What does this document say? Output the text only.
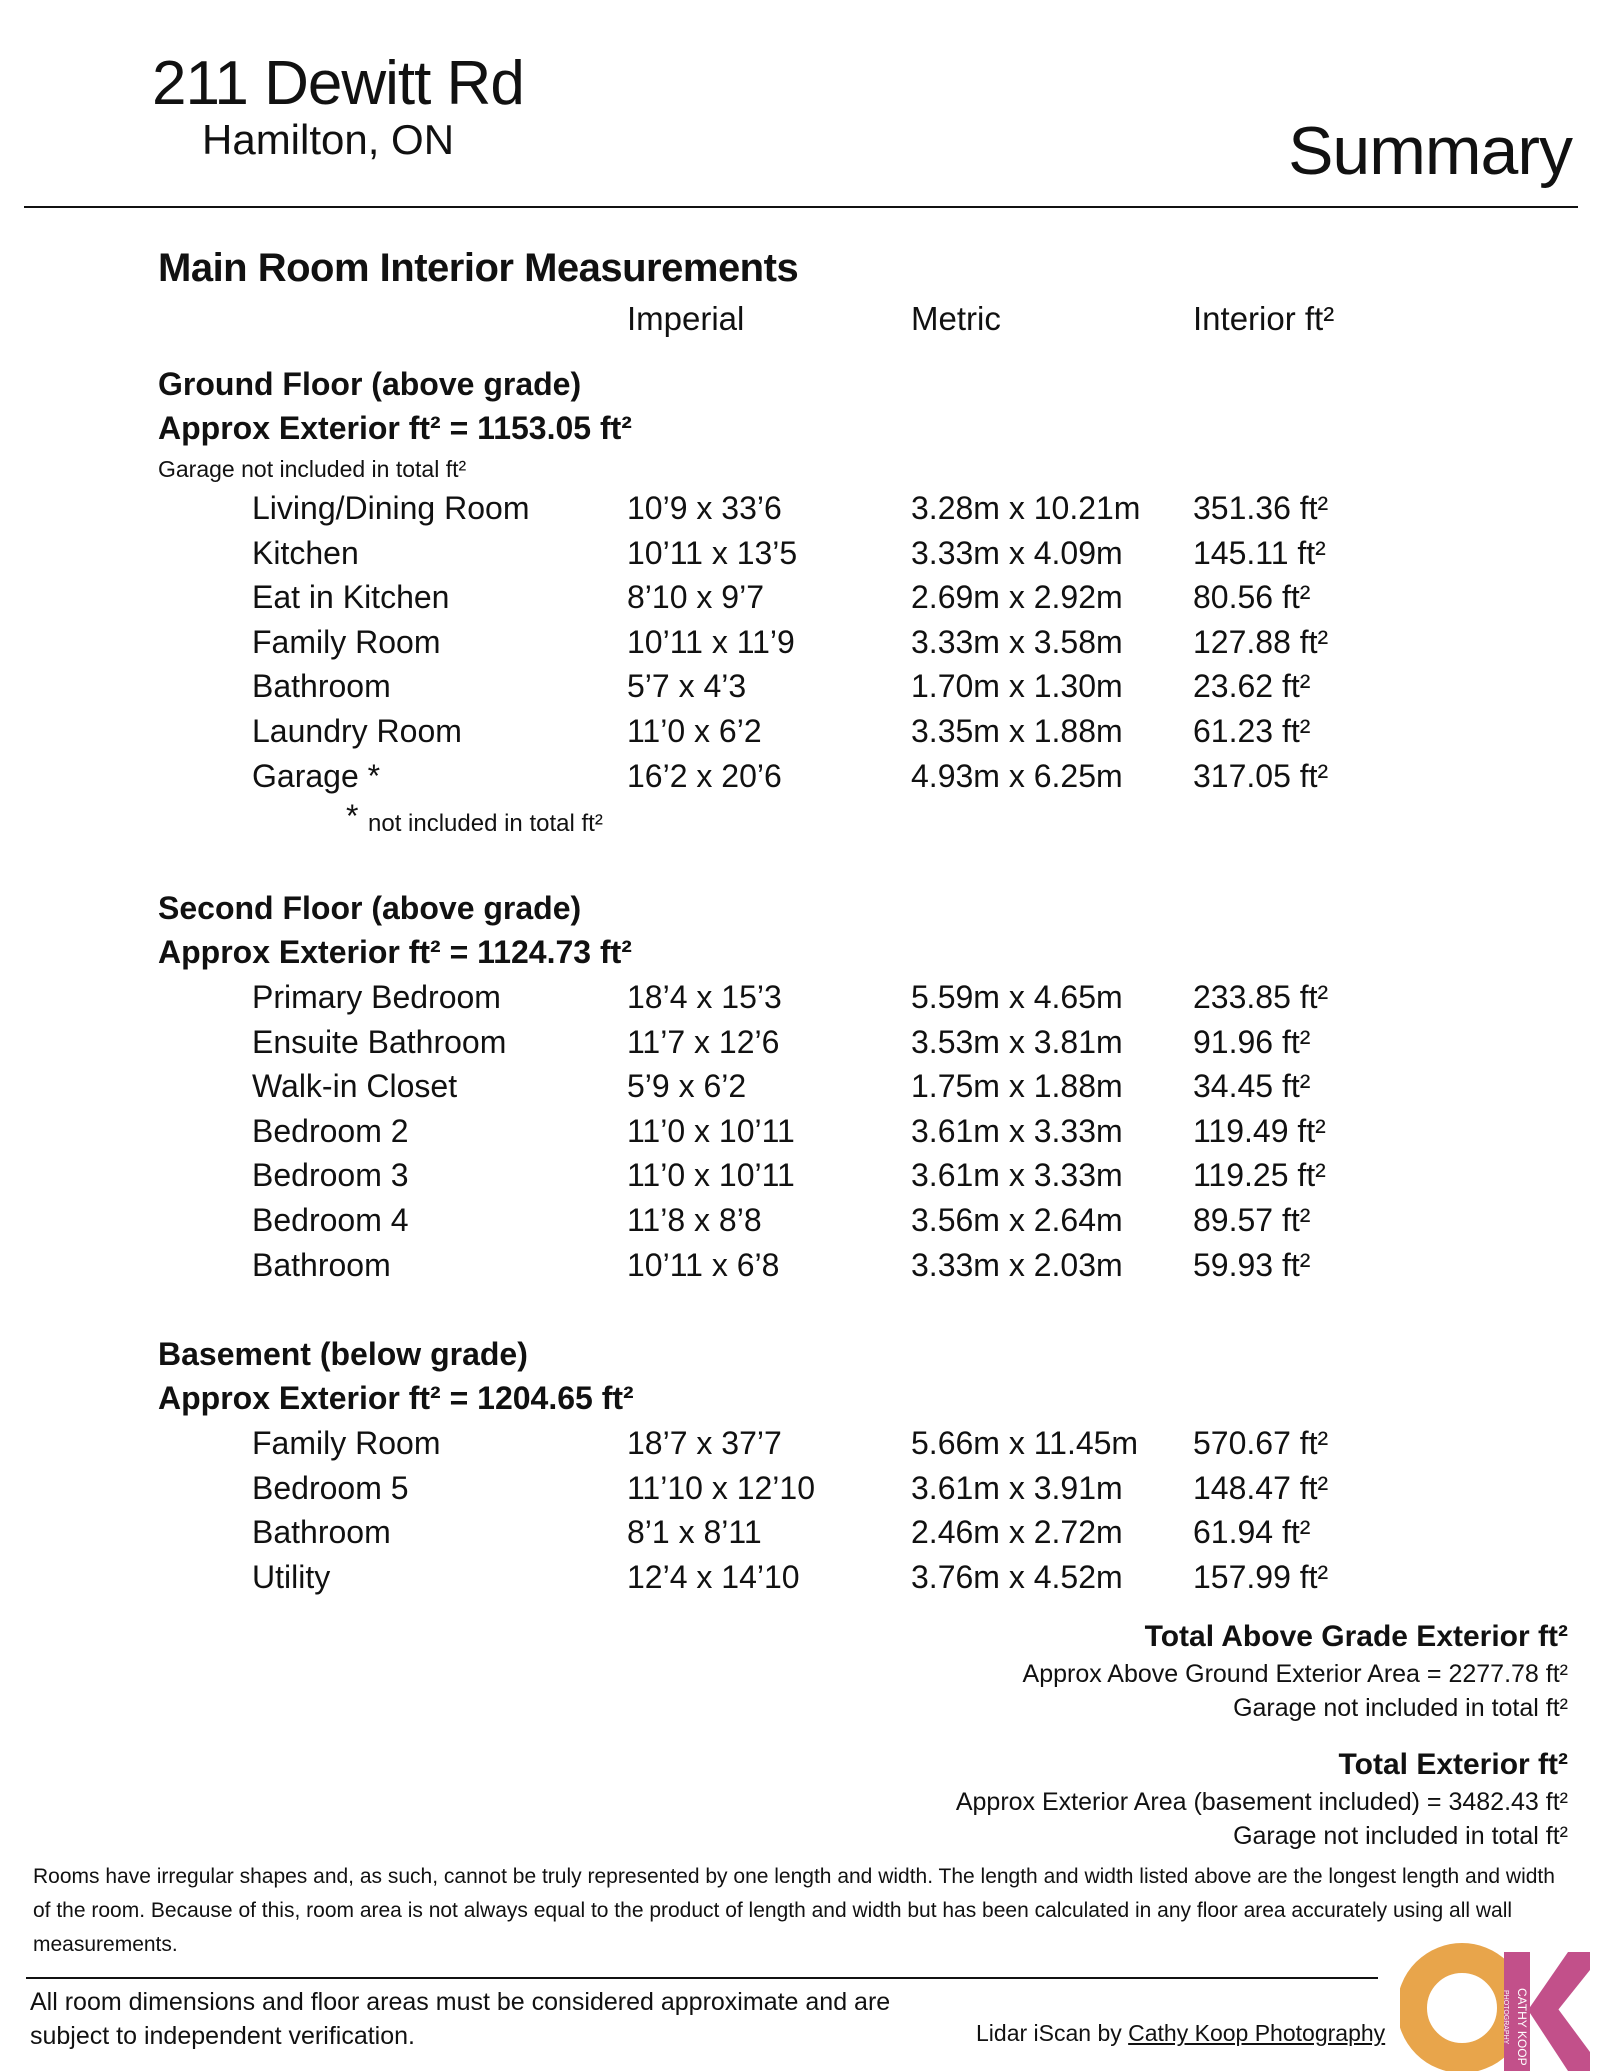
211 Dewitt Rd
Hamilton, ON	Summary
Main Room Interior Measurements
Imperial	Metric	Interior ft²
Ground Floor (above grade)
Approx Exterior ft² = 1153.05 ft²
Garage not included in total ft²
Living/Dining Room	10’9 x 33’6	3.28m x 10.21m 351.36 ft²
Kitchen	10’11 x 13’5	3.33m x 4.09m 145.11 ft²
Eat in Kitchen	8’10 x 9’7	2.69m x 2.92m 80.56 ft²
Family Room	10’11 x 11’9	3.33m x 3.58m 127.88 ft²
Bathroom	5’7 x 4’3	1.70m x 1.30m 23.62 ft²
Laundry Room	11’0 x 6’2	3.35m x 1.88m 61.23 ft²
Garage *	16’2 x 20’6	4.93m x 6.25m 317.05 ft²
* not included in total ft²
Second Floor (above grade)
Approx Exterior ft² = 1124.73 ft²
Primary Bedroom	18’4 x 15’3	5.59m x 4.65m 233.85 ft²
Ensuite Bathroom	11’7 x 12’6	3.53m x 3.81m 91.96 ft²
Walk-in Closet	5’9 x 6’2	1.75m x 1.88m 34.45 ft²
Bedroom 2	11’0 x 10’11	3.61m x 3.33m 119.49 ft²
Bedroom 3	11’0 x 10’11	3.61m x 3.33m 119.25 ft²
Bedroom 4	11’8 x 8’8	3.56m x 2.64m 89.57 ft²
Bathroom	10’11 x 6’8	3.33m x 2.03m 59.93 ft²
Basement (below grade)
Approx Exterior ft² = 1204.65 ft²
Family Room	18’7 x 37’7	5.66m x 11.45m 570.67 ft²
Bedroom 5	11’10 x 12’10	3.61m x 3.91m 148.47 ft²
Bathroom	8’1 x 8’11	2.46m x 2.72m 61.94 ft²
Utility	12’4 x 14’10	3.76m x 4.52m 157.99 ft²
Total Above Grade Exterior ft²
Approx Above Ground Exterior Area = 2277.78 ft²
Garage not included in total ft²
Total Exterior ft²
Approx Exterior Area (basement included) = 3482.43 ft²
Garage not included in total ft²
Rooms have irregular shapes and, as such, cannot be truly represented by one length and width. The length and width listed above are the longest length and width of the room. Because of this, room area is not always equal to the product of length and width but has been calculated in any floor area accurately using all wall measurements.
All room dimensions and floor areas must be considered approximate and are subject to independent verification.	Lidar iScan by Cathy Koop Photography	CATHY KOOP
PHOTOGRAPHY
